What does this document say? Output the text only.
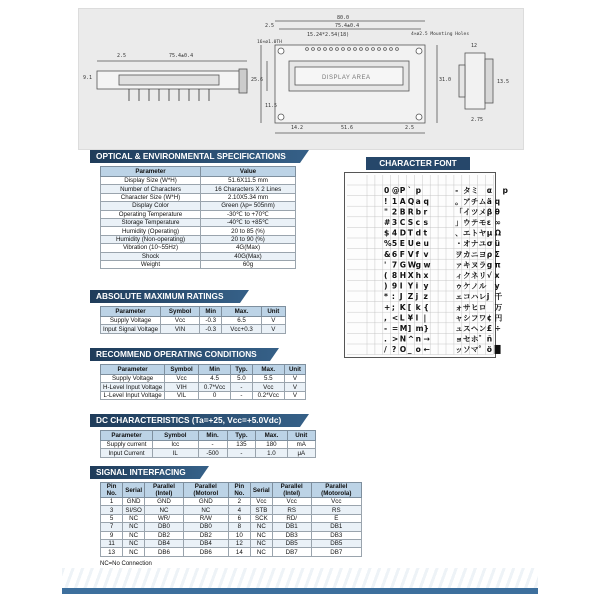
2.5	75.4±0.4
9.1
80.0
75.4±0.4
15.24*2.54(18)
16×ø1.0TH
2.5
DISPLAY AREA
4×ø2.5 Mounting Holes
25.6
11.5
31.0
14.2	51.6	2.5
12
2.75
13.5
OPTICAL & ENVIRONMENTAL SPECIFICATIONS
Parameter	Value
Display Size (W*H)	51.6X11.5 mm
Number of Characters	16 Characters X 2 Lines
Character Size (W*H)	2.10X5.34 mm
Display Color	Green (λp≈ 505nm)
Operating Temperature	-30℃ to +70℃
Storage Temperature	-40℃ to +85℃
Humidity (Operating)	20 to 85 (%)
Humidity (Non-operating)	20 to 90 (%)
Vibration (10~55Hz)	4G(Max)
Shock	40G(Max)
Weight	60g
ABSOLUTE MAXIMUM RATINGS
Parameter	Symbol	Min	Max.	Unit
Supply Voltage	Vcc	-0.3	6.5	V
Input Signal Voltage	VIN	-0.3	Vcc+0.3	V
RECOMMEND OPERATING CONDITIONS
Parameter	Symbol	Min	Typ.	Max.	Unit
Supply Voltage	Vcc	4.5	5.0	5.5	V
H-Level Input Voltage	VIH	0.7*Vcc	-	Vcc	V
L-Level Input Voltage	VIL	0	-	0.2*Vcc	V
DC CHARACTERISTICS (Ta=+25, Vcc=+5.0Vdc)
Parameter	Symbol	Min.	Typ.	Max.	Unit
Supply current	Icc	-	135	180	mA
Input Current	IL	-500	-	1.0	μA
SIGNAL INTERFACING
Pin No.	Serial	Parallel (Intel)	Parallel (Motorol	Pin No.	Serial	Parallel (Intel)	Parallel (Motorola)
1	GND	GND	GND	2	Vcc	Vcc	Vcc
3	SI/SO	NC	NC	4	STB	RS	RS
5	NC	WR/	R/W	6	SCK	RD/	E
7	NC	DB0	DB0	8	NC	DB1	DB1
9	NC	DB2	DB2	10	NC	DB3	DB3
11	NC	DB4	DB4	12	NC	DB5	DB5
13	NC	DB6	DB6	14	NC	DB7	DB7
NC=No Connection
CHARACTER FONT
0 @ P ` p	- タ ミ α p
! 1 A Q a q	。 ア チ ム ä q
" 2 B R b r	「 イ ツ メ β θ
# 3 C S c s	」 ウ テ モ ε ∞
$ 4 D T d t	、 エ ト ヤ μ Ω
% 5 E U e u	・ オ ナ ユ σ ü
& 6 F V f v	ヲ カ ニ ヨ ρ Σ
' 7 G W g w	ァ キ ヌ ラ g π
( 8 H X h x	ィ ク ネ リ √ x
) 9 I Y i y	ゥ ケ ノ ル y
* : J Z j z	ェ コ ハ レ j 千
+ ; K [ k {	ォ サ ヒ ロ 万
, < L ¥ l |	ャ シ フ ワ ¢ 円
- = M ] m }	ュ ス ヘ ン £ ÷
. > N ^ n →	ョ セ ホ ゛ ñ
/ ? O _ o ←	ッ ソ マ ゜ ö █
